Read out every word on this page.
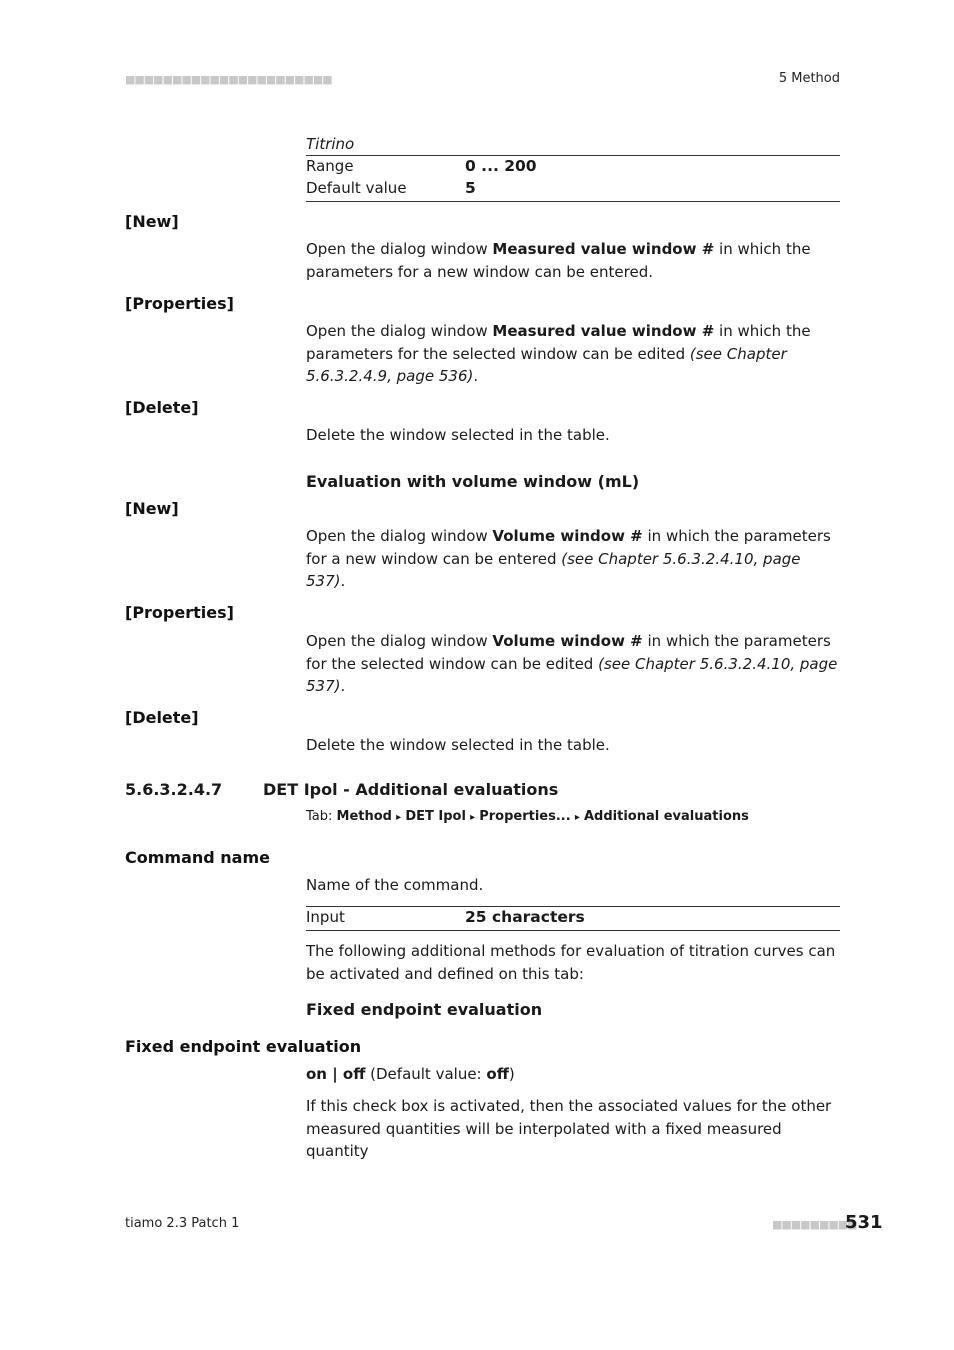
■■■■■■■■■■■■■■■■■■■■■■	5 Method
Titrino
Range	0 ... 200
Default value	5
[New]
Open the dialog window Measured value window # in which the parameters for a new window can be entered.
[Properties]
Open the dialog window Measured value window # in which the parameters for the selected window can be edited (see Chapter 5.6.3.2.4.9, page 536).
[Delete]
Delete the window selected in the table.
Evaluation with volume window (mL)
[New]
Open the dialog window Volume window # in which the parameters for a new window can be entered (see Chapter 5.6.3.2.4.10, page 537).
[Properties]
Open the dialog window Volume window # in which the parameters for the selected window can be edited (see Chapter 5.6.3.2.4.10, page 537).
[Delete]
Delete the window selected in the table.
5.6.3.2.4.7	DET Ipol - Additional evaluations
Tab: Method ▸ DET Ipol ▸ Properties... ▸ Additional evaluations
Command name
Name of the command.
Input	25 characters
The following additional methods for evaluation of titration curves can be activated and defined on this tab:
Fixed endpoint evaluation
Fixed endpoint evaluation
on | off (Default value: off)
If this check box is activated, then the associated values for the other measured quantities will be interpolated with a fixed measured quantity
tiamo 2.3 Patch 1	■■■■■■■■■
531
